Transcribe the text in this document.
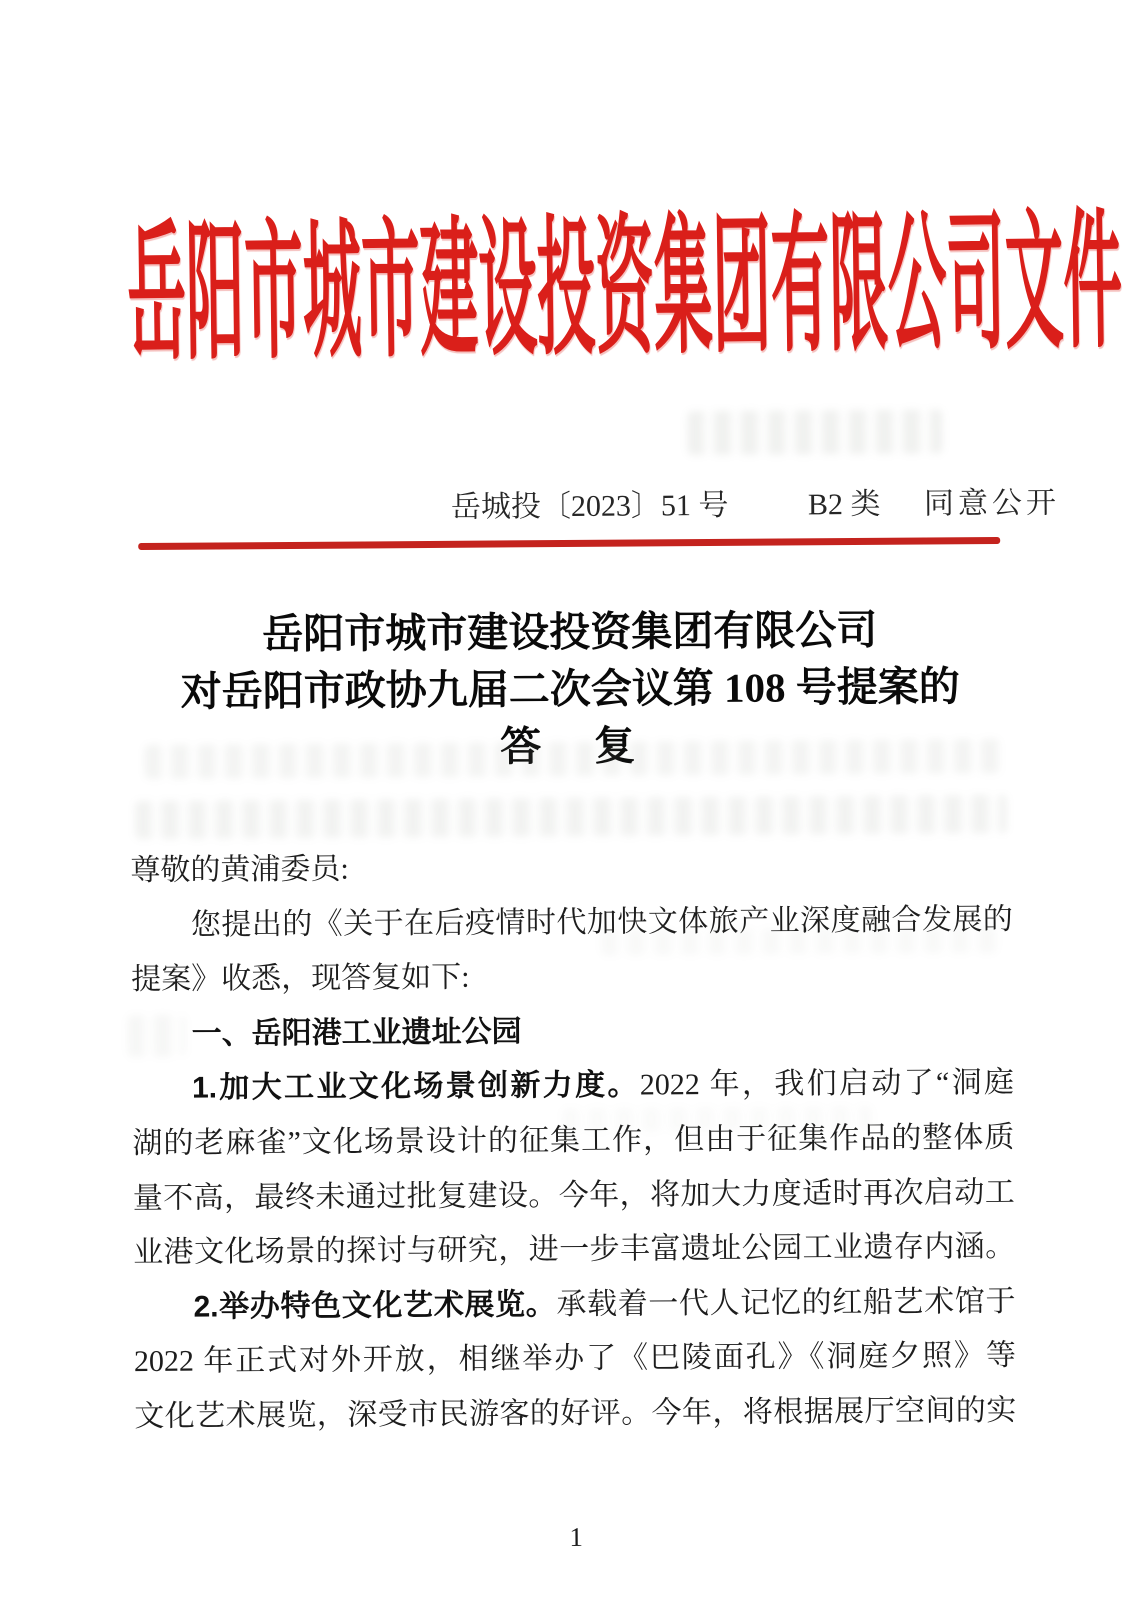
岳阳市城市建设投资集团有限公司文件
岳城投〔2023〕51 号	B2 类 同意公开
岳阳市城市建设投资集团有限公司
对岳阳市政协九届二次会议第 108 号提案的
答　复
尊敬的黄浦委员:
您提出的《关于在后疫情时代加快文体旅产业深度融合发展的
提案》收悉，现答复如下:
一、岳阳港工业遗址公园
1.加大工业文化场景创新力度。2022 年，我们启动了“洞庭
湖的老麻雀”文化场景设计的征集工作，但由于征集作品的整体质
量不高，最终未通过批复建设。今年，将加大力度适时再次启动工
业港文化场景的探讨与研究，进一步丰富遗址公园工业遗存内涵。
2.举办特色文化艺术展览。承载着一代人记忆的红船艺术馆于
2022 年正式对外开放，相继举办了《巴陵面孔》《洞庭夕照》等
文化艺术展览，深受市民游客的好评。今年，将根据展厅空间的实
1
